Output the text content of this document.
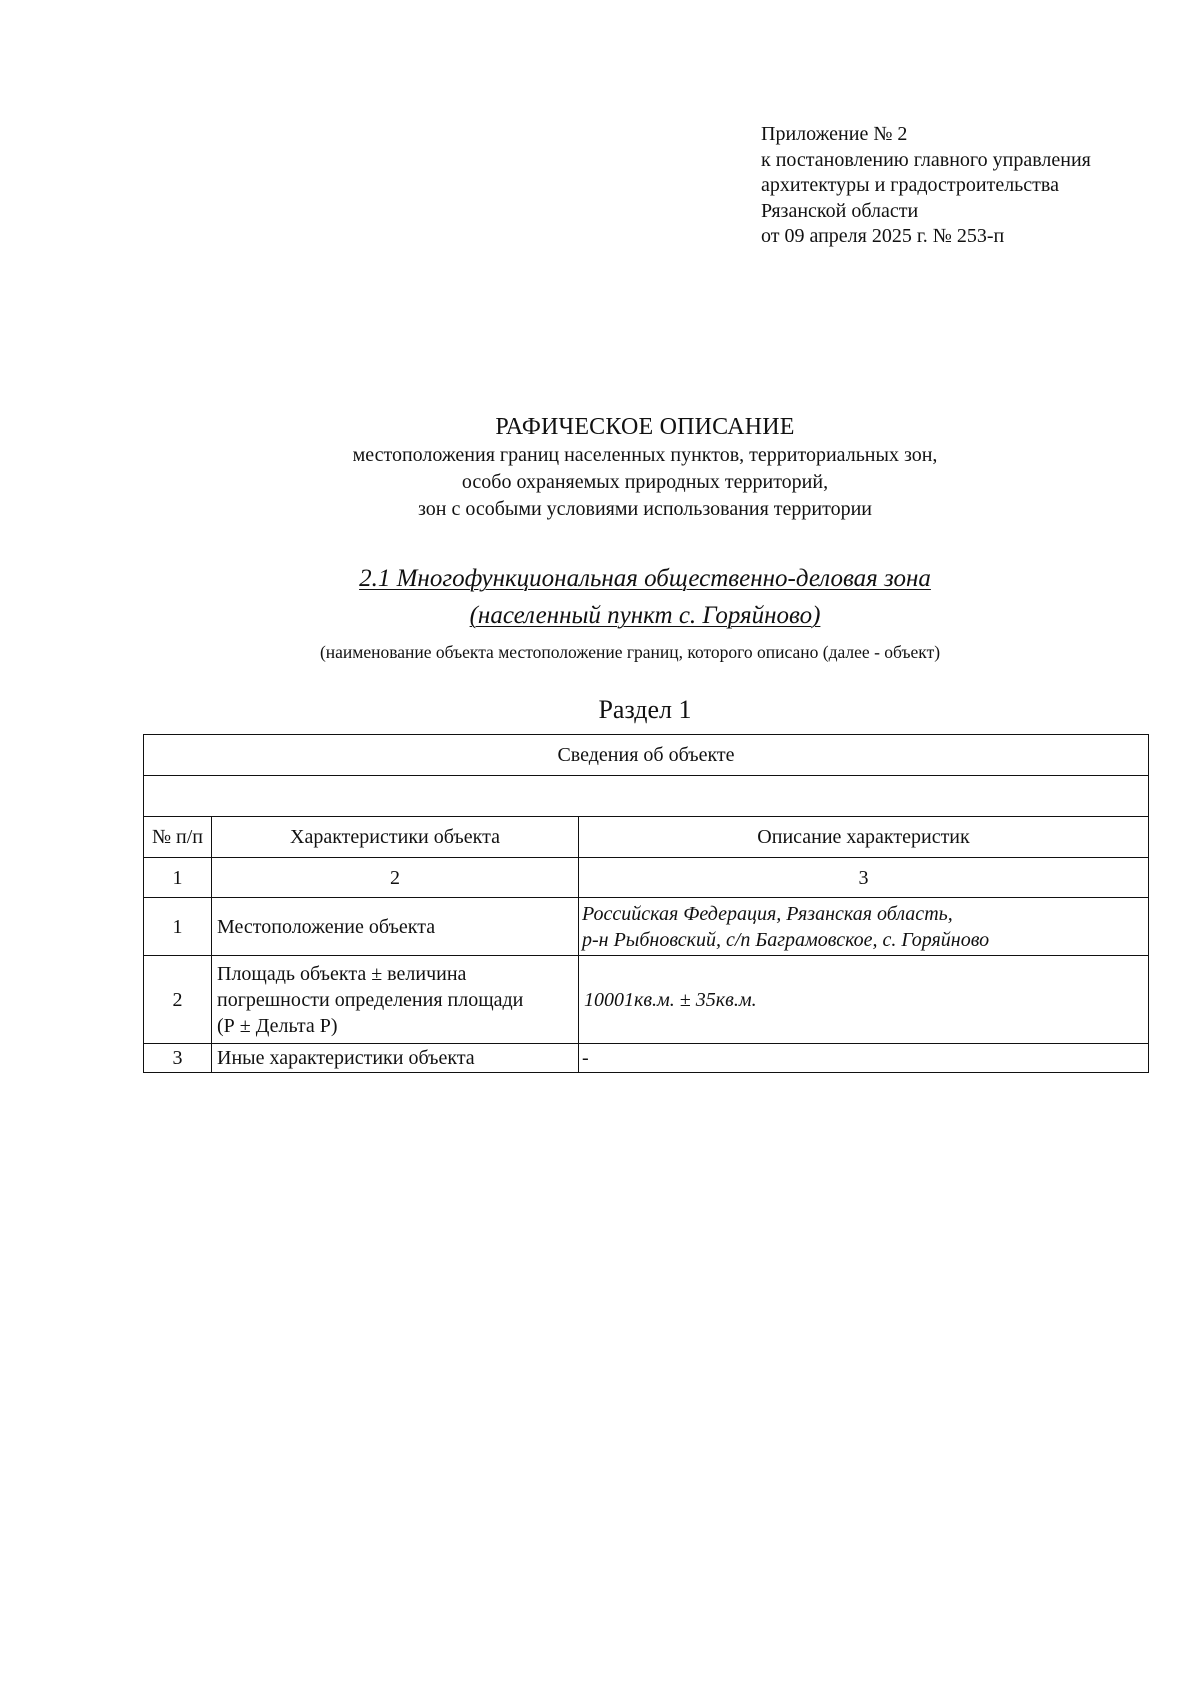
Приложение № 2
к постановлению главного управления
архитектуры и градостроительства
Рязанской области
от 09 апреля 2025 г. № 253-п
РАФИЧЕСКОЕ ОПИСАНИЕ
местоположения границ населенных пунктов, территориальных зон,
особо охраняемых природных территорий,
зон с особыми условиями использования территории
2.1 Многофункциональная общественно-деловая зона
(населенный пункт с. Горяйново)
(наименование объекта местоположение границ, которого описано (далее - объект)
Раздел 1
Сведения об объекте		

№ п/п	Характеристики объекта	Описание характеристик
1	2	3
1	Местоположение объекта	Российская Федерация, Рязанская область,
р-н Рыбновский, с/п Баграмовское, с. Горяйново

2	Площадь объекта ± величина
погрешности определения площади
(Р ± Дельта Р)	10001кв.м. ± 35кв.м.
3	Иные характеристики объекта	-
